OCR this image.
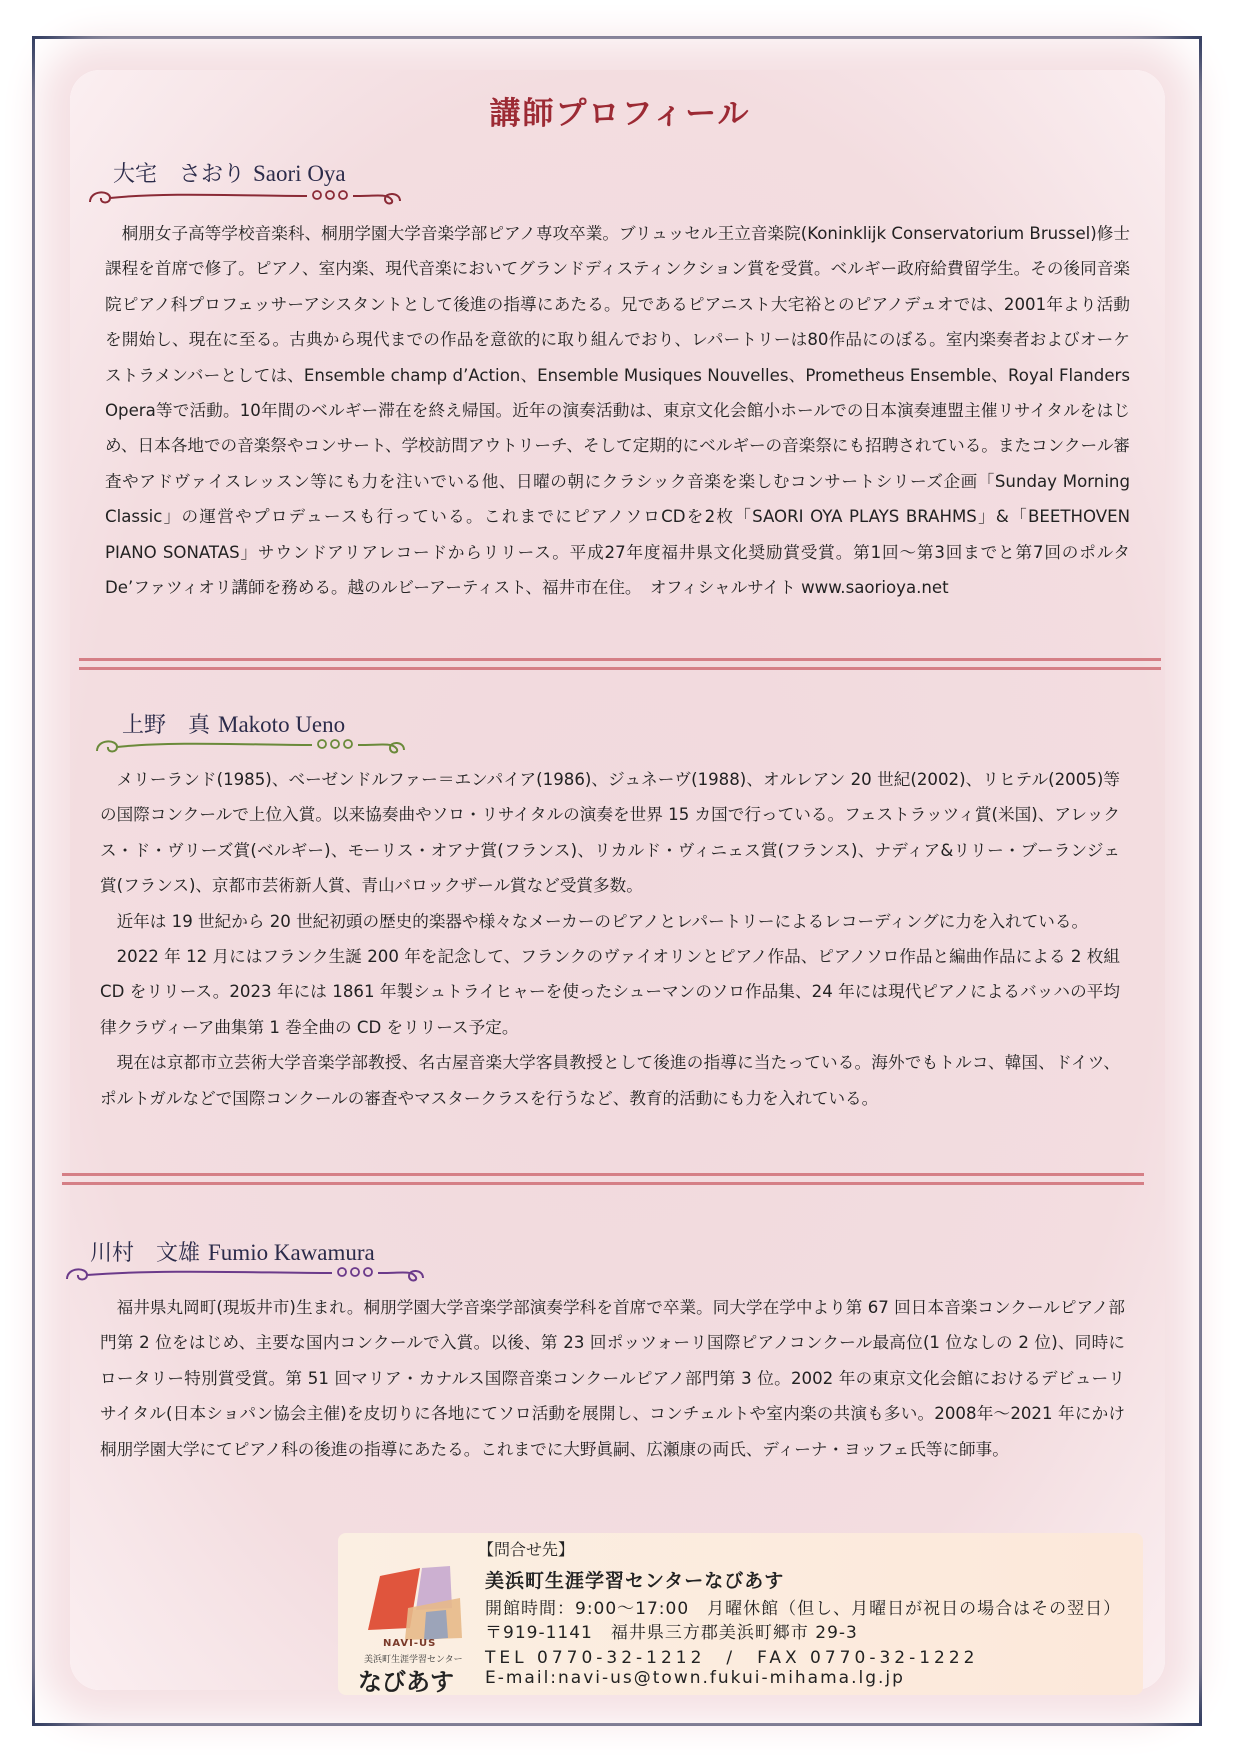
講師プロフィール
大宅　さおり Saori Oya

桐朋女子高等学校音楽科、桐朋学園大学音楽学部ピアノ専攻卒業。ブリュッセル王立音楽院(Koninklijk Conservatorium Brussel)修士課程を首席で修了。ピアノ、室内楽、現代音楽においてグランドディスティンクション賞を受賞。ベルギー政府給費留学生。その後同音楽院ピアノ科プロフェッサーアシスタントとして後進の指導にあたる。兄であるピアニスト大宅裕とのピアノデュオでは、2001年より活動を開始し、現在に至る。古典から現代までの作品を意欲的に取り組んでおり、レパートリーは80作品にのぼる。室内楽奏者およびオーケストラメンバーとしては、Ensemble champ d’Action、Ensemble Musiques Nouvelles、Prometheus Ensemble、Royal Flanders Opera等で活動。10年間のベルギー滞在を終え帰国。近年の演奏活動は、東京文化会館小ホールでの日本演奏連盟主催リサイタルをはじめ、日本各地での音楽祭やコンサート、学校訪問アウトリーチ、そして定期的にベルギーの音楽祭にも招聘されている。またコンクール審査やアドヴァイスレッスン等にも力を注いでいる他、日曜の朝にクラシック音楽を楽しむコンサートシリーズ企画「Sunday Morning Classic」の運営やプロデュースも行っている。これまでにピアノソロCDを2枚「SAORI OYA PLAYS BRAHMS」&「BEETHOVEN PIANO SONATAS」サウンドアリアレコードからリリース。平成27年度福井県文化奨励賞受賞。第1回～第3回までと第7回のポルタDe’ファツィオリ講師を務める。越のルビーアーティスト、福井市在住。　オフィシャルサイト www.saorioya.net

上野　真 Makoto Ueno

メリーランド(1985)、ベーゼンドルファー＝エンパイア(1986)、ジュネーヴ(1988)、オルレアン 20 世紀(2002)、リヒテル(2005)等の国際コンクールで上位入賞。以来協奏曲やソロ・リサイタルの演奏を世界 15 カ国で行っている。フェストラッツィ賞(米国)、アレックス・ド・ヴリーズ賞(ベルギー)、モーリス・オアナ賞(フランス)、リカルド・ヴィニェス賞(フランス)、ナディア&リリー・ブーランジェ賞(フランス)、京都市芸術新人賞、青山バロックザール賞など受賞多数。

近年は 19 世紀から 20 世紀初頭の歴史的楽器や様々なメーカーのピアノとレパートリーによるレコーディングに力を入れている。

2022 年 12 月にはフランク生誕 200 年を記念して、フランクのヴァイオリンとピアノ作品、ピアノソロ作品と編曲作品による 2 枚組 CD をリリース。2023 年には 1861 年製シュトライヒャーを使ったシューマンのソロ作品集、24 年には現代ピアノによるバッハの平均律クラヴィーア曲集第 1 巻全曲の CD をリリース予定。

現在は京都市立芸術大学音楽学部教授、名古屋音楽大学客員教授として後進の指導に当たっている。海外でもトルコ、韓国、ドイツ、ポルトガルなどで国際コンクールの審査やマスタークラスを行うなど、教育的活動にも力を入れている。

川村　文雄 Fumio Kawamura

福井県丸岡町(現坂井市)生まれ。桐朋学園大学音楽学部演奏学科を首席で卒業。同大学在学中より第 67 回日本音楽コンクールピアノ部門第 2 位をはじめ、主要な国内コンクールで入賞。以後、第 23 回ポッツォーリ国際ピアノコンクール最高位(1 位なしの 2 位)、同時にロータリー特別賞受賞。第 51 回マリア・カナルス国際音楽コンクールピアノ部門第 3 位。2002 年の東京文化会館におけるデビューリサイタル(日本ショパン協会主催)を皮切りに各地にてソロ活動を展開し、コンチェルトや室内楽の共演も多い。2008年～2021 年にかけ桐朋学園大学にてピアノ科の後進の指導にあたる。これまでに大野眞嗣、広瀬康の両氏、ディーナ・ヨッフェ氏等に師事。

NAVI-US
美浜町生涯学習センター
なびあす
【問合せ先】
美浜町生涯学習センターなびあす
開館時間：9:00～17:00　月曜休館（但し、月曜日が祝日の場合はその翌日）
〒919-1141　福井県三方郡美浜町郷市 29-3
TEL 0770-32-1212　/　FAX 0770-32-1222
E-mail:navi-us@town.fukui-mihama.lg.jp
